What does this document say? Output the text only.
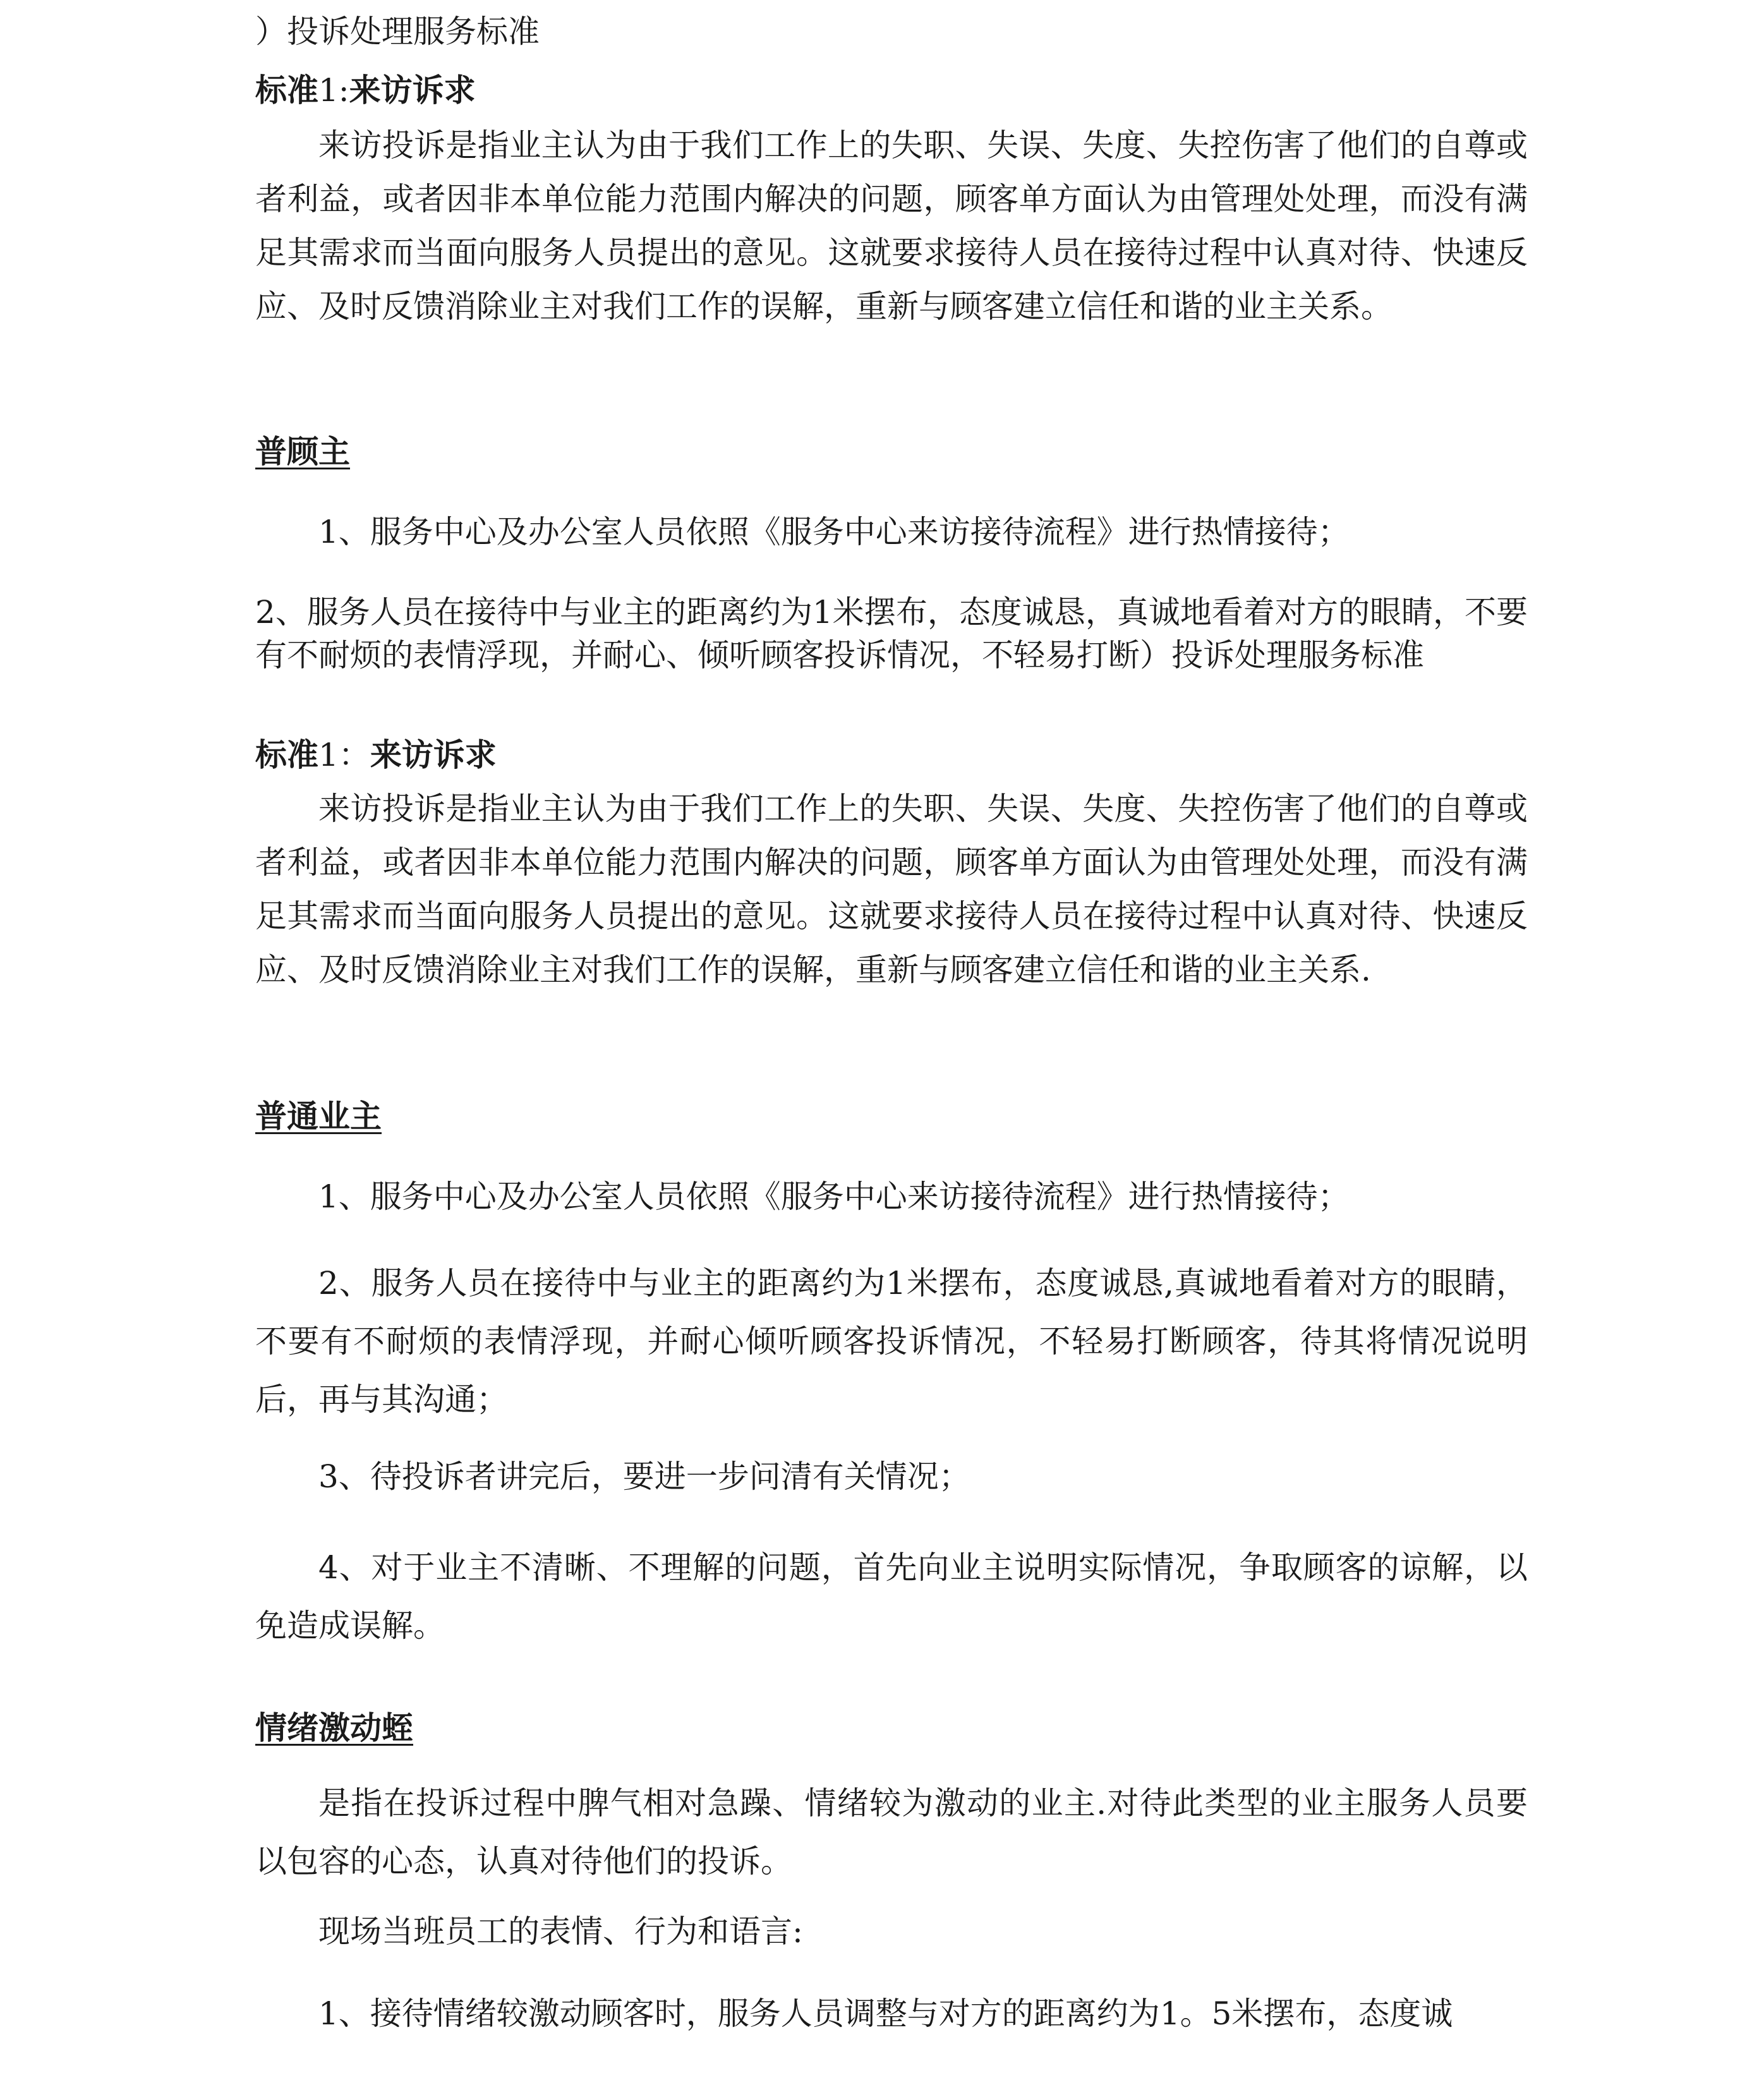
）投诉处理服务标准

标准1:来访诉求

来访投诉是指业主认为由于我们工作上的失职、失误、失度、失控伤害了他们的自尊或者利益，或者因非本单位能力范围内解决的问题，顾客单方面认为由管理处处理，而没有满足其需求而当面向服务人员提出的意见。这就要求接待人员在接待过程中认真对待、快速反应、及时反馈消除业主对我们工作的误解，重新与顾客建立信任和谐的业主关系。

普顾主

1、服务中心及办公室人员依照《服务中心来访接待流程》进行热情接待；

2、服务人员在接待中与业主的距离约为1米摆布，态度诚恳，真诚地看着对方的眼睛，不要有不耐烦的表情浮现，并耐心、倾听顾客投诉情况，不轻易打断）投诉处理服务标准

标准1：来访诉求

来访投诉是指业主认为由于我们工作上的失职、失误、失度、失控伤害了他们的自尊或者利益，或者因非本单位能力范围内解决的问题，顾客单方面认为由管理处处理，而没有满足其需求而当面向服务人员提出的意见。这就要求接待人员在接待过程中认真对待、快速反应、及时反馈消除业主对我们工作的误解，重新与顾客建立信任和谐的业主关系.

普通业主

1、服务中心及办公室人员依照《服务中心来访接待流程》进行热情接待；

2、服务人员在接待中与业主的距离约为1米摆布，态度诚恳,真诚地看着对方的眼睛，不要有不耐烦的表情浮现，并耐心倾听顾客投诉情况，不轻易打断顾客，待其将情况说明后，再与其沟通；

3、待投诉者讲完后，要进一步问清有关情况；

4、对于业主不清晰、不理解的问题，首先向业主说明实际情况，争取顾客的谅解，以免造成误解。

情绪激动蛭

是指在投诉过程中脾气相对急躁、情绪较为激动的业主.对待此类型的业主服务人员要以包容的心态，认真对待他们的投诉。

现场当班员工的表情、行为和语言:

1、接待情绪较激动顾客时，服务人员调整与对方的距离约为1。5米摆布，态度诚
